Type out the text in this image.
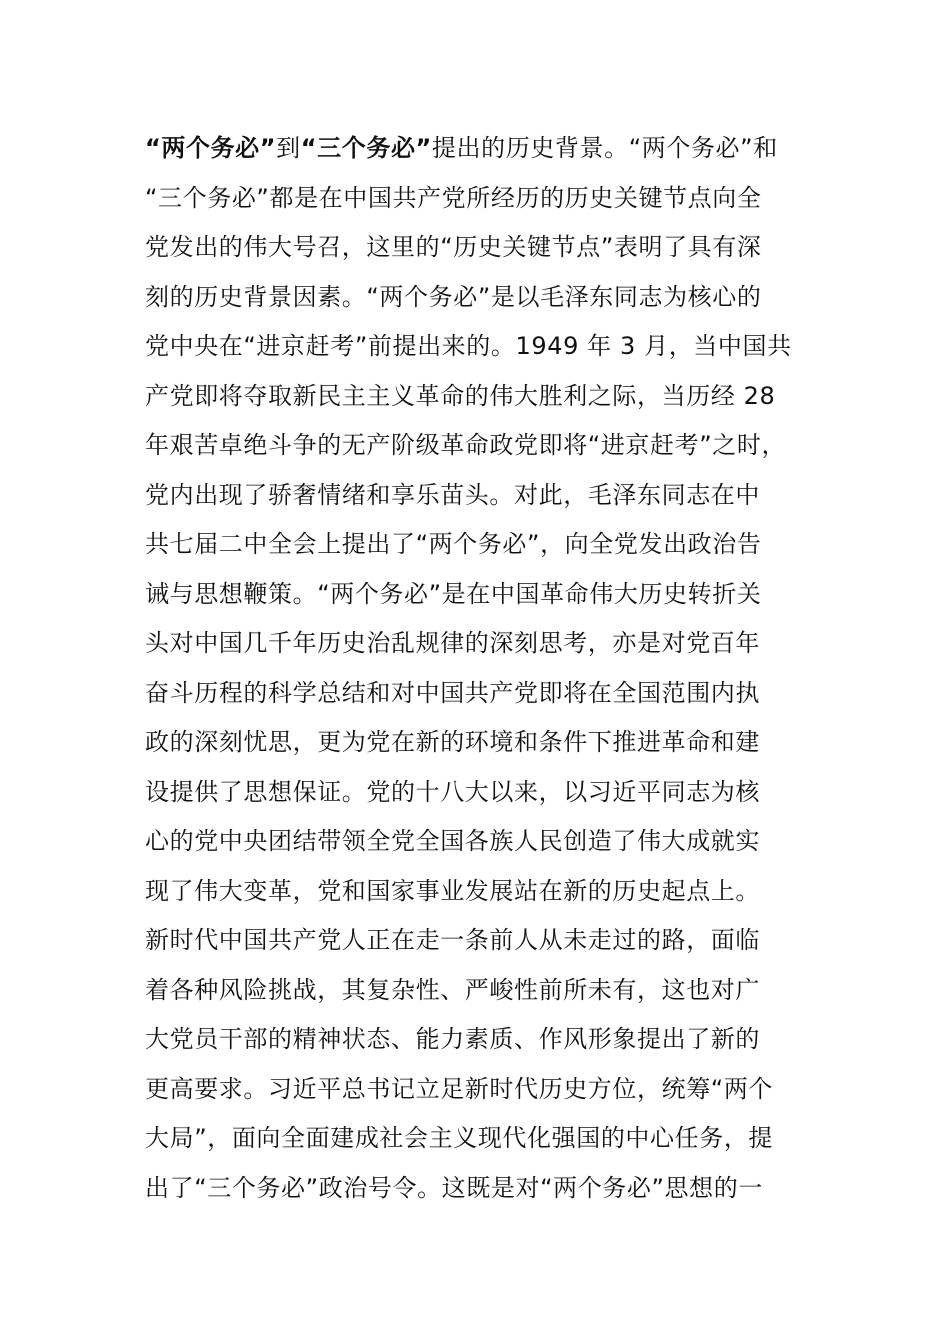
“两个务必”到“三个务必”提出的历史背景。“两个务必”和
“三个务必”都是在中国共产党所经历的历史关键节点向全
党发出的伟大号召，这里的“历史关键节点”表明了具有深
刻的历史背景因素。“两个务必”是以毛泽东同志为核心的
党中央在“进京赶考”前提出来的。1949 年 3 月，当中国共
产党即将夺取新民主主义革命的伟大胜利之际，当历经 28
年艰苦卓绝斗争的无产阶级革命政党即将“进京赶考”之时，
党内出现了骄奢情绪和享乐苗头。对此，毛泽东同志在中
共七届二中全会上提出了“两个务必”，向全党发出政治告
诫与思想鞭策。“两个务必”是在中国革命伟大历史转折关
头对中国几千年历史治乱规律的深刻思考，亦是对党百年
奋斗历程的科学总结和对中国共产党即将在全国范围内执
政的深刻忧思，更为党在新的环境和条件下推进革命和建
设提供了思想保证。党的十八大以来，以习近平同志为核
心的党中央团结带领全党全国各族人民创造了伟大成就实
现了伟大变革，党和国家事业发展站在新的历史起点上。
新时代中国共产党人正在走一条前人从未走过的路，面临
着各种风险挑战，其复杂性、严峻性前所未有，这也对广
大党员干部的精神状态、能力素质、作风形象提出了新的
更高要求。习近平总书记立足新时代历史方位，统筹“两个
大局”，面向全面建成社会主义现代化强国的中心任务，提
出了“三个务必”政治号令。这既是对“两个务必”思想的一
